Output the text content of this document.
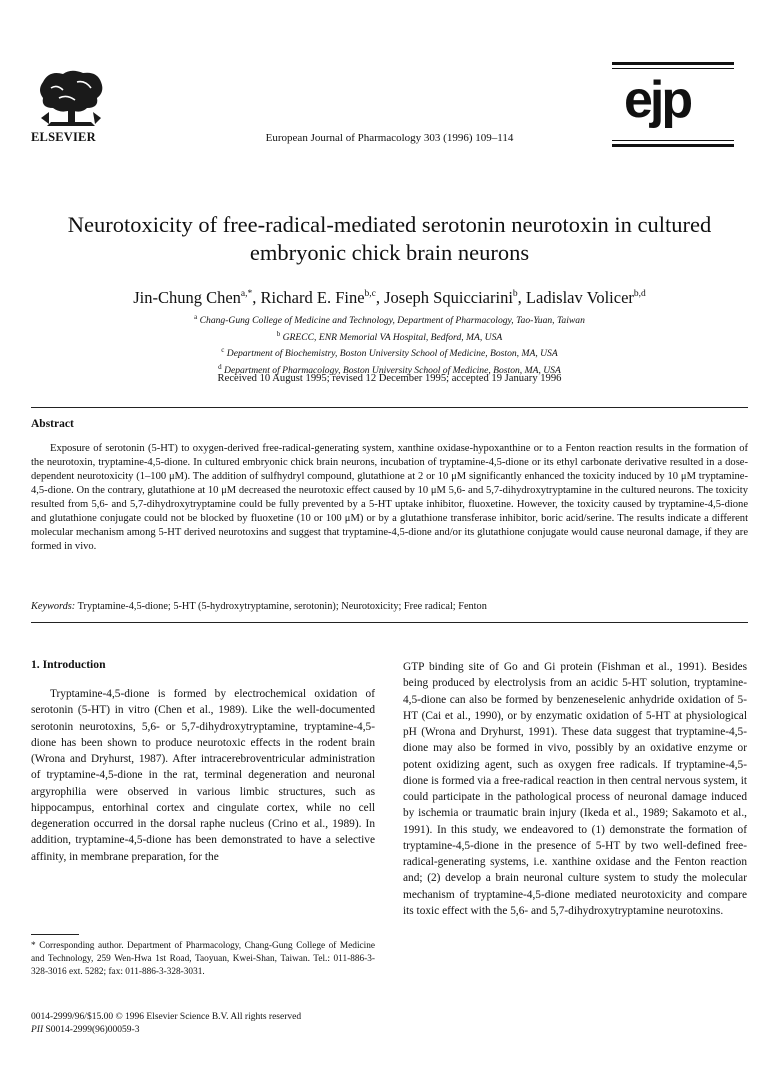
ELSEVIER	European Journal of Pharmacology 303 (1996) 109–114
ejp
Neurotoxicity of free-radical-mediated serotonin neurotoxin in cultured embryonic chick brain neurons
Jin-Chung Chen$^{a,*}$, Richard E. Fine$^{b,c}$, Joseph Squicciarini$^b$, Ladislav Volicer$^{b,d}$
$^a$ Chang-Gung College of Medicine and Technology, Department of Pharmacology, Tao-Yuan, Taiwan
$^b$ GRECC, ENR Memorial VA Hospital, Bedford, MA, USA
$^c$ Department of Biochemistry, Boston University School of Medicine, Boston, MA, USA
$^d$ Department of Pharmacology, Boston University School of Medicine, Boston, MA, USA
Received 10 August 1995; revised 12 December 1995; accepted 19 January 1996
Abstract
Exposure of serotonin (5-HT) to oxygen-derived free-radical-generating system, xanthine oxidase-hypoxanthine or to a Fenton reaction results in the formation of the neurotoxin, tryptamine-4,5-dione. In cultured embryonic chick brain neurons, incubation of tryptamine-4,5-dione or its ethyl carbonate derivative resulted in a dose-dependent neurotoxicity (1–100 μM). The addition of sulfhydryl compound, glutathione at 2 or 10 μM significantly enhanced the toxicity induced by 10 μM tryptamine-4,5-dione. On the contrary, glutathione at 10 μM decreased the neurotoxic effect caused by 10 μM 5,6- and 5,7-dihydroxytryptamine in the cultured neurons. The toxicity resulted from 5,6- and 5,7-dihydroxytryptamine could be fully prevented by a 5-HT uptake inhibitor, fluoxetine. However, the toxicity caused by tryptamine-4,5-dione and glutathione conjugate could not be blocked by fluoxetine (10 or 100 μM) or by a glutathione transferase inhibitor, boric acid/serine. The results indicate a different molecular mechanism among 5-HT derived neurotoxins and suggest that tryptamine-4,5-dione and/or its glutathione conjugate would cause neuronal damage, if they are formed in vivo.
Keywords: Tryptamine-4,5-dione; 5-HT (5-hydroxytryptamine, serotonin); Neurotoxicity; Free radical; Fenton
1. Introduction

Tryptamine-4,5-dione is formed by electrochemical oxidation of serotonin (5-HT) in vitro (Chen et al., 1989). Like the well-documented serotonin neurotoxins, 5,6- or 5,7-dihydroxytryptamine, tryptamine-4,5-dione has been shown to produce neurotoxic effects in the rodent brain (Wrona and Dryhurst, 1987). After intracerebroventricular administration of tryptamine-4,5-dione in the rat, terminal degeneration and neuronal argyrophilia were observed in various limbic structures, such as hippocampus, entorhinal cortex and cingulate cortex, while no cell degeneration occurred in the dorsal raphe nucleus (Crino et al., 1989). In addition, tryptamine-4,5-dione has been demonstrated to have a selective affinity, in membrane preparation, for the

GTP binding site of Go and Gi protein (Fishman et al., 1991). Besides being produced by electrolysis from an acidic 5-HT solution, tryptamine-4,5-dione can also be formed by benzeneselenic anhydride oxidation of 5-HT (Cai et al., 1990), or by enzymatic oxidation of 5-HT at physiological pH (Wrona and Dryhurst, 1991). These data suggest that tryptamine-4,5-dione may also be formed in vivo, possibly by an oxidative enzyme or potent oxidizing agent, such as oxygen free radicals. If tryptamine-4,5-dione is formed via a free-radical reaction in then central nervous system, it could participate in the pathological process of neuronal damage induced by ischemia or traumatic brain injury (Ikeda et al., 1989; Sakamoto et al., 1991). In this study, we endeavored to (1) demonstrate the formation of tryptamine-4,5-dione in the presence of 5-HT by two well-defined free-radical-generating systems, i.e. xanthine oxidase and the Fenton reaction and; (2) develop a brain neuronal culture system to study the molecular mechanism of tryptamine-4,5-dione mediated neurotoxicity and compare its toxic effect with the 5,6- and 5,7-dihydroxytryptamine neurotoxins.

* Corresponding author. Department of Pharmacology, Chang-Gung College of Medicine and Technology, 259 Wen-Hwa 1st Road, Taoyuan, Kwei-Shan, Taiwan. Tel.: 011-886-3-328-3016 ext. 5282; fax: 011-886-3-328-3031.
0014-2999/96/$15.00 © 1996 Elsevier Science B.V. All rights reserved
PII S0014-2999(96)00059-3
